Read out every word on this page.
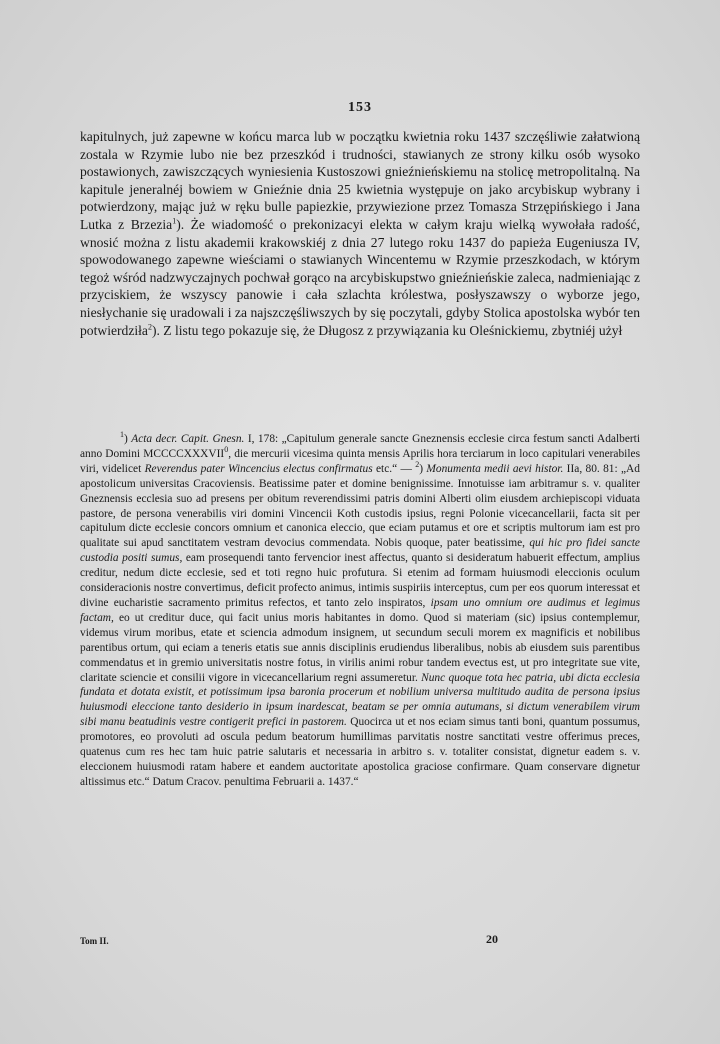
153

kapitulnych, już zapewne w końcu marca lub w początku kwietnia roku 1437 szczęśliwie załatwioną zostala w Rzymie lubo nie bez przeszkód i trudności, stawianych ze strony kilku osób wysoko postawionych, zawiszczących wyniesienia Kustoszowi gnieźnieńskiemu na stolicę metropolitalną. Na kapitule jeneralnéj bowiem w Gnieźnie dnia 25 kwietnia występuje on jako arcybiskup wybrany i potwierdzony, mając już w ręku bulle papiezkie, przywiezione przez Tomasza Strzępińskiego i Jana Lutka z Brzezia$^1$). Że wiadomość o prekonizacyi elekta w całym kraju wielką wywołała radość, wnosić można z listu akademii krakowskiéj z dnia 27 lutego roku 1437 do papieża Eugeniusza IV, spowodowanego zapewne wieściami o stawianych Wincentemu w Rzymie przeszkodach, w którym tegoż wśród nadzwyczajnych pochwał gorąco na arcybiskupstwo gnieźnieńskie zaleca, nadmieniając z przyciskiem, że wszyscy panowie i cała szlachta królestwa, posłyszawszy o wyborze jego, niesłychanie się uradowali i za najszczęśliwszych by się poczytali, gdyby Stolica apostolska wybór ten potwierdziła$^2$). Z listu tego pokazuje się, że Długosz z przywiązania ku Oleśnickiemu, zbytniéj użył

$^1$) Acta decr. Capit. Gnesn. I, 178: „Capitulum generale sancte Gneznensis ecclesie circa festum sancti Adalberti anno Domini MCCCCXXXVII$^0$, die mercurii vicesima quinta mensis Aprilis hora terciarum in loco capitulari venerabiles viri, videlicet Reverendus pater Wincencius electus confirmatus etc.“ — $^2$) Monumenta medii aevi histor. IIa, 80. 81: „Ad apostolicum universitas Cracoviensis. Beatissime pater et domine benignissime. Innotuisse iam arbitramur s. v. qualiter Gneznensis ecclesia suo ad presens per obitum reverendissimi patris domini Alberti olim eiusdem archiepiscopi viduata pastore, de persona venerabilis viri domini Vincencii Koth custodis ipsius, regni Polonie vicecancellarii, facta sit per capitulum dicte ecclesie concors omnium et canonica eleccio, que eciam putamus et ore et scriptis multorum iam est pro qualitate sui apud sanctitatem vestram devocius commendata. Nobis quoque, pater beatissime, qui hic pro fidei sancte custodia positi sumus, eam prosequendi tanto fervencior inest affectus, quanto si desideratum habuerit effectum, amplius creditur, nedum dicte ecclesie, sed et toti regno huic profutura. Si etenim ad formam huiusmodi eleccionis oculum consideracionis nostre convertimus, deficit profecto animus, intimis suspiriis interceptus, cum per eos quorum interessat et divine eucharistie sacramento primitus refectos, et tanto zelo inspiratos, ipsam uno omnium ore audimus et legimus factam, eo ut creditur duce, qui facit unius moris habitantes in domo. Quod si materiam (sic) ipsius contemplemur, videmus virum moribus, etate et sciencia admodum insignem, ut secundum seculi morem ex magnificis et nobilibus parentibus ortum, qui eciam a teneris etatis sue annis disciplinis erudiendus liberalibus, nobis ab eiusdem suis parentibus commendatus et in gremio universitatis nostre fotus, in virilis animi robur tandem evectus est, ut pro integritate sue vite, claritate sciencie et consilii vigore in vicecancellarium regni assumeretur. Nunc quoque tota hec patria, ubi dicta ecclesia fundata et dotata existit, et potissimum ipsa baronia procerum et nobilium universa multitudo audita de persona ipsius huiusmodi eleccione tanto desiderio in ipsum inardescat, beatam se per omnia autumans, si dictum venerabilem virum sibi manu beatudinis vestre contigerit prefici in pastorem. Quocirca ut et nos eciam simus tanti boni, quantum possumus, promotores, eo provoluti ad oscula pedum beatorum humillimas parvitatis nostre sanctitati vestre offerimus preces, quatenus cum res hec tam huic patrie salutaris et necessaria in arbitro s. v. totaliter consistat, dignetur eadem s. v. eleccionem huiusmodi ratam habere et eandem auctoritate apostolica graciose confirmare. Quam conservare dignetur altissimus etc.“ Datum Cracov. penultima Februarii a. 1437.“

Tom II.	20
